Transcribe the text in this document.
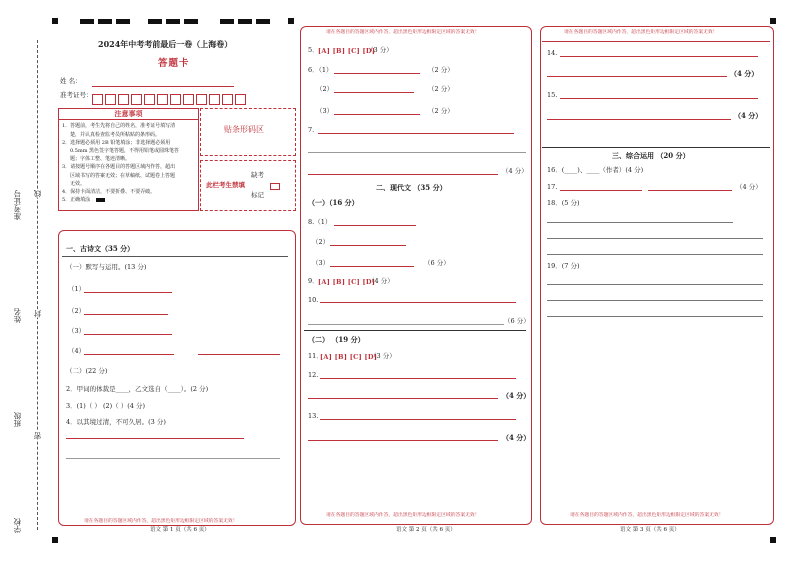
准考证号 线
姓名 封
班级
密
学校
2024年中考考前最后一卷（上海卷）
答题卡
姓 名：
准考证号：
注意事项

1．答题前，考生先将自己的姓名，准考证号填写清

楚，并认真检查监考员所粘贴的条形码。

2．选择题必须用 2B 铅笔填涂；非选择题必须用

0.5mm 黑色签字笔答题，不得用铅笔或圆珠笔答

题；字体工整、笔迹清晰。

3．请按题号顺序在各题目的答题区域内作答，超出

区域书写的答案无效；在草稿纸、试题卷上答题

无效。

4．保持卡面清洁，不要折叠、不要弄破。

5．正确填涂

贴条形码区
此栏考生禁填
缺考
标记
请在各题目的答题区域内作答，超出黑色矩形边框限定区域的答案无效！
语文 第 1 页（共 6 页）
一、古诗文（35 分）
（一）默写与运用。(13 分)
（1）
（2）
（3）
（4）
（二）(22 分)
2．甲词的体裁是____，乙文选自（____）。(2 分)
3．(1)（ ） (2)（ ）(4 分)
4．以其境过清，不可久居。(3 分)
请在各题目的答题区域内作答，超出黑色矩形边框限定区域的答案无效！
请在各题目的答题区域内作答，超出黑色矩形边框限定区域的答案无效！
语文 第 2 页（共 6 页）
5． [A] [B] [C] [D]
（3 分）
6．（1）	（2 分）
（2）	（2 分）
（3）	（2 分）
7.
（4 分）
二、现代文 （35 分）
（一）（16 分）
8.（1）
（2）
（3）	（6 分）
9． [A] [B] [C] [D]
（4 分）
10.
（6 分）
（二） （19 分）
11．
[A] [B] [C] [D]
（3 分）
12.
（4 分）
13.
（4 分）
请在各题目的答题区域内作答，超出黑色矩形边框限定区域的答案无效！
请在各题目的答题区域内作答，超出黑色矩形边框限定区域的答案无效！
语文 第 3 页（共 6 页）
14.
（4 分）
15.
（4 分）
三、综合运用 （20 分）
16．(____)、____（作者）(4 分)
17.	（4 分）
18．(5 分)
19．(7 分)
